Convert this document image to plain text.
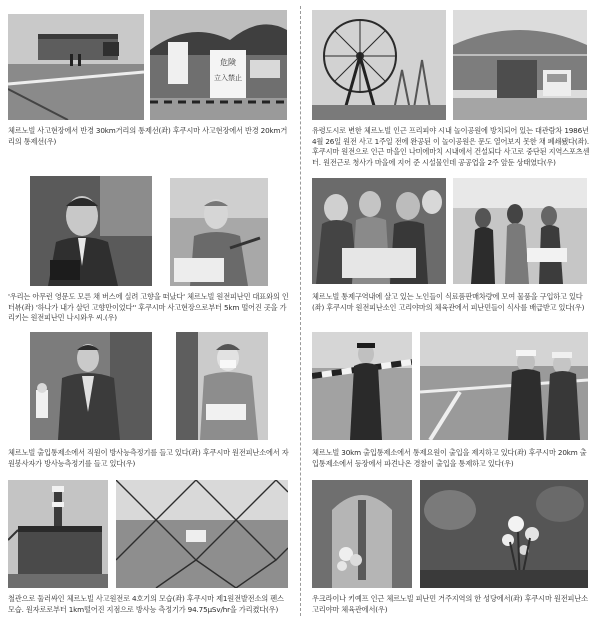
危険
立入禁止
체르노빌 사고현장에서 반경 30km거리의 통제선(좌) 후쿠시마 사고현장에서 반경 20km거리의 통제선(우)
유령도시로 변한 체르노빌 인근 프리피야 시내 놀이공원에 방치되어 있는 대관람차 1986년 4월 26일 원전 사고 1주일 전에 완공된 이 놀이공원은 문도 열어보지 못한 채 폐쇄됐다(좌). 후쿠시마 원전으로 인근 마을인 나미에마치 시내에서 건설되다 사고로 중단된 지역스포츠센터. 원전근로 청사가 마을에 지어 준 시설물인데 공공업을 2주 앞둔 상태였다(우)
'우리는 아무런 영문도 모른 채 버스에 실려 고향을 떠났다' 체르노빌 원전피난민 대표와의 인터뷰(좌) '하나가 내가 살던 고향만이었다'' 후쿠시마 사고현장으로부터 5km 떨어진 곳을 가리키는 원전피난민 나시와우 씨.(우)
체르노빌 통제구역내에 살고 있는 노인들이 식료품판매차량에 모여 물품을 구입하고 있다(좌) 후쿠시마 원전피난소인 고리야마의 체육관에서 피난민들이 식사를 배급받고 있다(우)
체르노빌 출입통제소에서 직원이 방사능측정기를 들고 있다(좌) 후쿠시마 원전피난소에서 자원봉사자가 방사능측정기를 들고 있다(우)
체르노빌 30km 출입통제소에서 통제요원이 출입을 제지하고 있다(좌) 후쿠시마 20km 출입통제소에서 등장에서 파견나온 경찰이 출입을 통제하고 있다(우)
철관으로 둘러싸인 체르노빌 사고원전로 4호기의 모습(좌) 후쿠시마 제1원전발전소의 펜스모습. 원자로로부터 1km떨어진 지점으로 방사능 측정기가 94.75μSv/hr을 가리켰다(우)
우크라이나 키예프 인근 체르노빌 피난민 거주지역의 한 성당에서(좌) 후쿠시마 원전피난소 고리야마 체육관에서(우)
